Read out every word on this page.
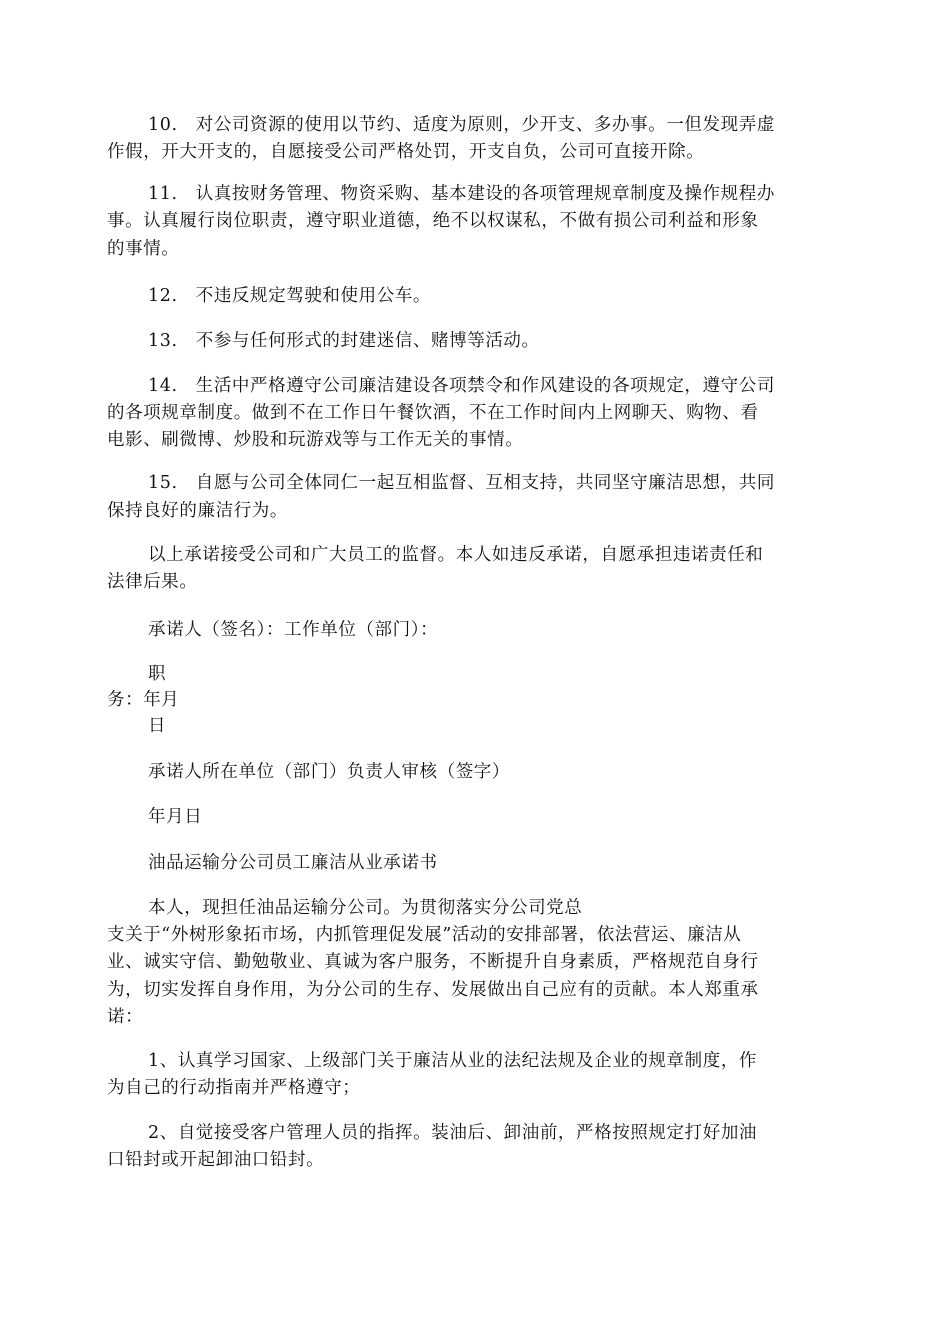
10.　对公司资源的使用以节约、适度为原则，少开支、多办事。一但发现弄虚
作假，开大开支的，自愿接受公司严格处罚，开支自负，公司可直接开除。
11.　认真按财务管理、物资采购、基本建设的各项管理规章制度及操作规程办
事。认真履行岗位职责，遵守职业道德，绝不以权谋私，不做有损公司利益和形象
的事情。
12.　不违反规定驾驶和使用公车。
13.　不参与任何形式的封建迷信、赌博等活动。
14.　生活中严格遵守公司廉洁建设各项禁令和作风建设的各项规定，遵守公司
的各项规章制度。做到不在工作日午餐饮酒，不在工作时间内上网聊天、购物、看
电影、刷微博、炒股和玩游戏等与工作无关的事情。
15.　自愿与公司全体同仁一起互相监督、互相支持，共同坚守廉洁思想，共同
保持良好的廉洁行为。
以上承诺接受公司和广大员工的监督。本人如违反承诺，自愿承担违诺责任和
法律后果。
承诺人（签名）：工作单位（部门）：
职
务：年月
日
承诺人所在单位（部门）负责人审核（签字）
年月日
油品运输分公司员工廉洁从业承诺书
本人，现担任油品运输分公司。为贯彻落实分公司党总
支关于“外树形象拓市场，内抓管理促发展”活动的安排部署，依法营运、廉洁从
业、诚实守信、勤勉敬业、真诚为客户服务，不断提升自身素质，严格规范自身行
为，切实发挥自身作用，为分公司的生存、发展做出自己应有的贡献。本人郑重承
诺：
1、认真学习国家、上级部门关于廉洁从业的法纪法规及企业的规章制度，作
为自己的行动指南并严格遵守；
2、自觉接受客户管理人员的指挥。装油后、卸油前，严格按照规定打好加油
口铅封或开起卸油口铅封。
